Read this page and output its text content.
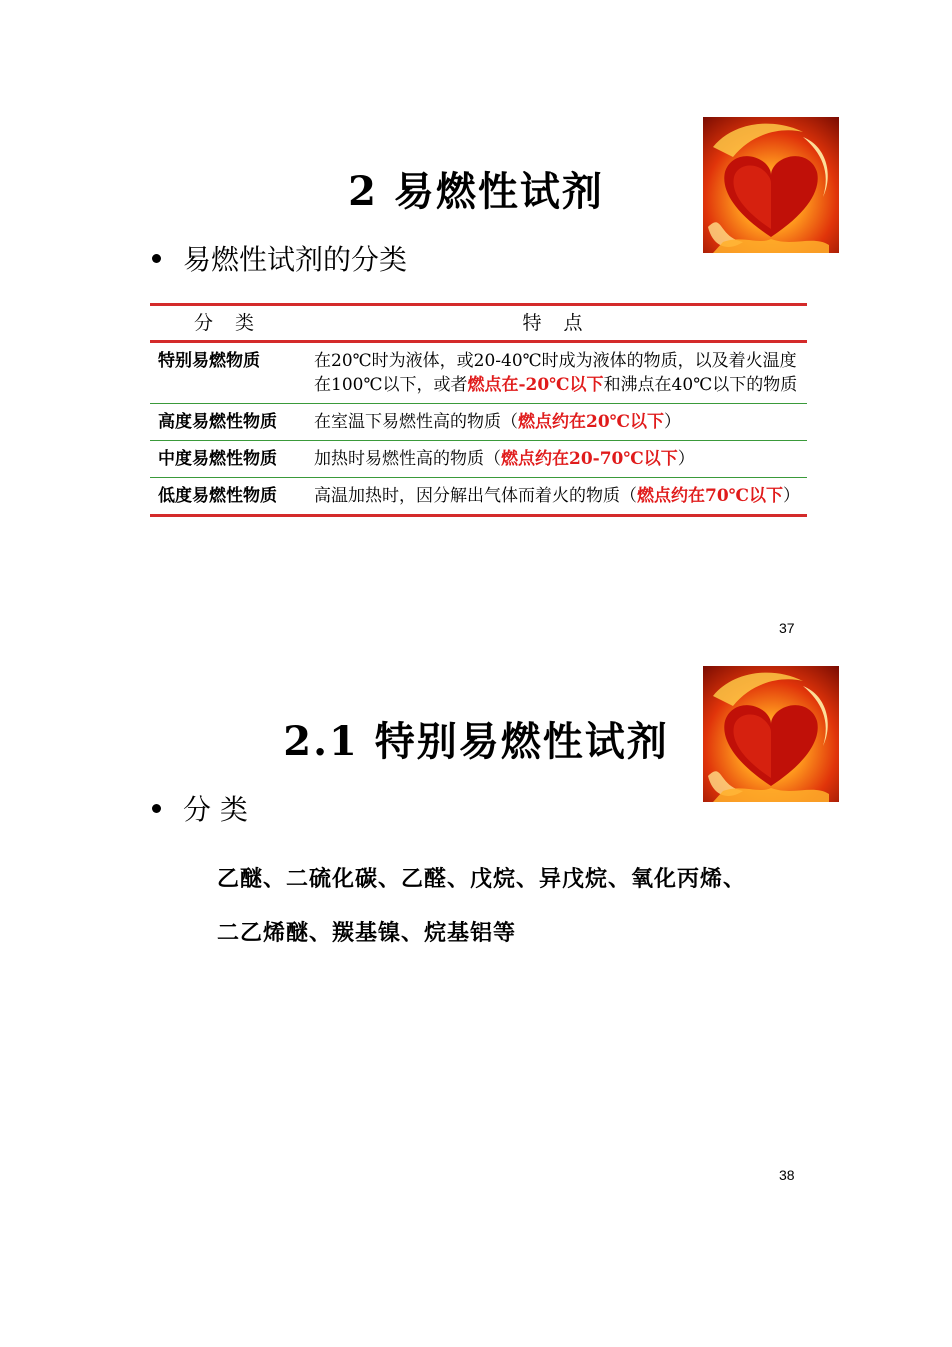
2 易燃性试剂
易燃性试剂的分类
分 类	特 点
特别易燃物质	在20℃时为液体，或20-40℃时成为液体的物质，以及着火温度在100℃以下，或者燃点在-20℃以下和沸点在40℃以下的物质
高度易燃性物质	在室温下易燃性高的物质（燃点约在20℃以下）
中度易燃性物质	加热时易燃性高的物质（燃点约在20-70℃以下）
低度易燃性物质	高温加热时，因分解出气体而着火的物质（燃点约在70℃以下）
37
2.1 特别易燃性试剂
分 类
乙醚、二硫化碳、乙醛、戊烷、异戊烷、氧化丙烯、
二乙烯醚、羰基镍、烷基铝等
38
